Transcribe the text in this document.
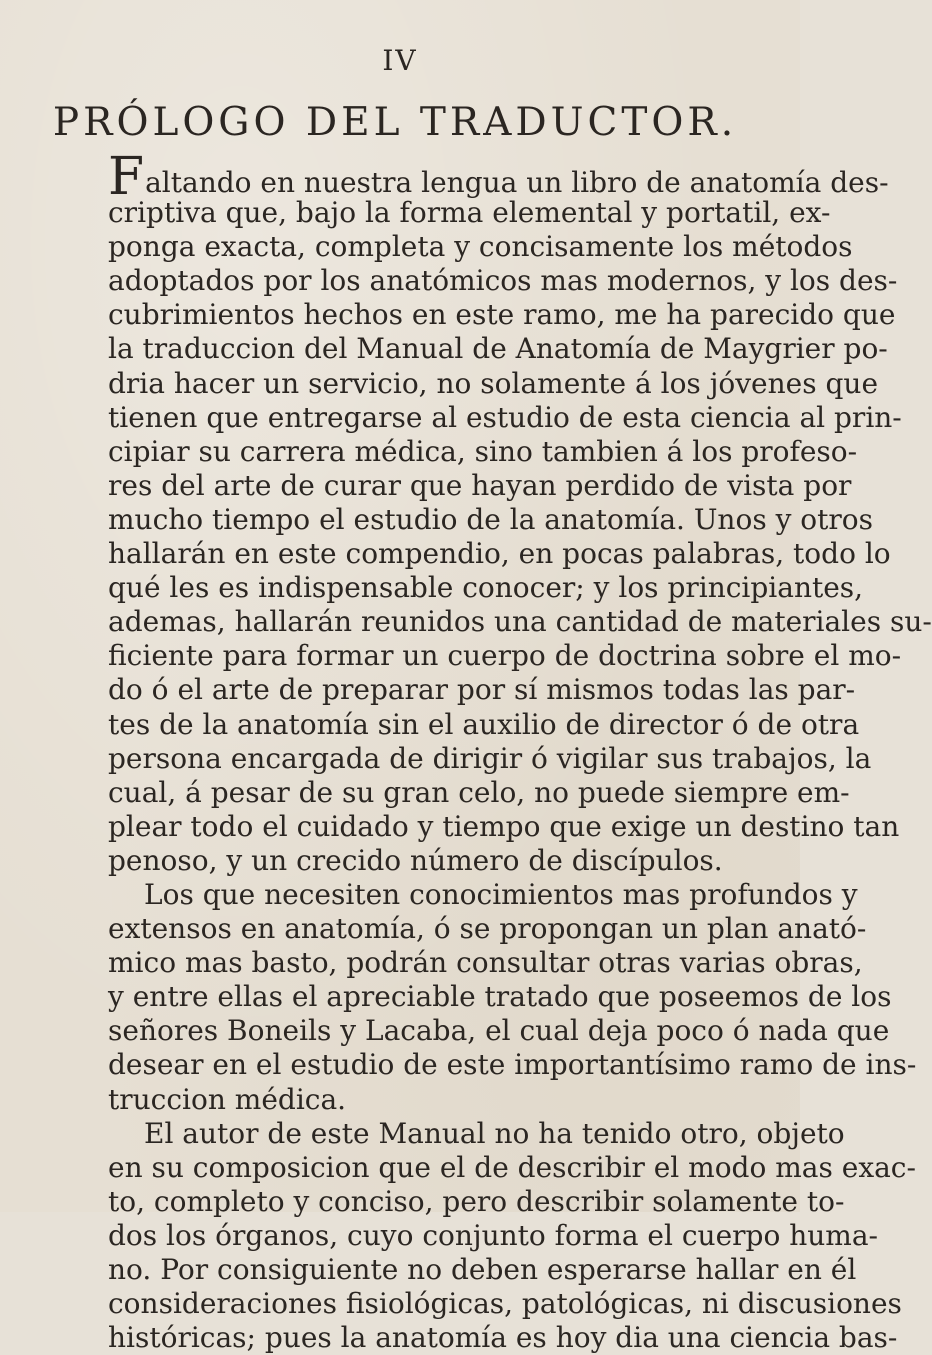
IV
PRÓLOGO DEL TRADUCTOR.
Faltando en nuestra lengua un libro de anatomía des-
criptiva que, bajo la forma elemental y portatil, ex-
ponga exacta, completa y concisamente los métodos
adoptados por los anatómicos mas modernos, y los des-
cubrimientos hechos en este ramo, me ha parecido que
la traduccion del Manual de Anatomía de Maygrier po-
dria hacer un servicio, no solamente á los jóvenes que
tienen que entregarse al estudio de esta ciencia al prin-
cipiar su carrera médica, sino tambien á los profeso-
res del arte de curar que hayan perdido de vista por
mucho tiempo el estudio de la anatomía. Unos y otros
hallarán en este compendio, en pocas palabras, todo lo
qué les es indispensable conocer; y los principiantes,
ademas, hallarán reunidos una cantidad de materiales su-
ficiente para formar un cuerpo de doctrina sobre el mo-
do ó el arte de preparar por sí mismos todas las par-
tes de la anatomía sin el auxilio de director ó de otra
persona encargada de dirigir ó vigilar sus trabajos, la
cual, á pesar de su gran celo, no puede siempre em-
plear todo el cuidado y tiempo que exige un destino tan
penoso, y un crecido número de discípulos.
Los que necesiten conocimientos mas profundos y
extensos en anatomía, ó se propongan un plan anató-
mico mas basto, podrán consultar otras varias obras,
y entre ellas el apreciable tratado que poseemos de los
señores Boneils y Lacaba, el cual deja poco ó nada que
desear en el estudio de este importantísimo ramo de ins-
truccion médica.
El autor de este Manual no ha tenido otro, objeto
en su composicion que el de describir el modo mas exac-
to, completo y conciso, pero describir solamente to-
dos los órganos, cuyo conjunto forma el cuerpo huma-
no. Por consiguiente no deben esperarse hallar en él
consideraciones fisiológicas, patológicas, ni discusiones
históricas; pues la anatomía es hoy dia una ciencia bas-
